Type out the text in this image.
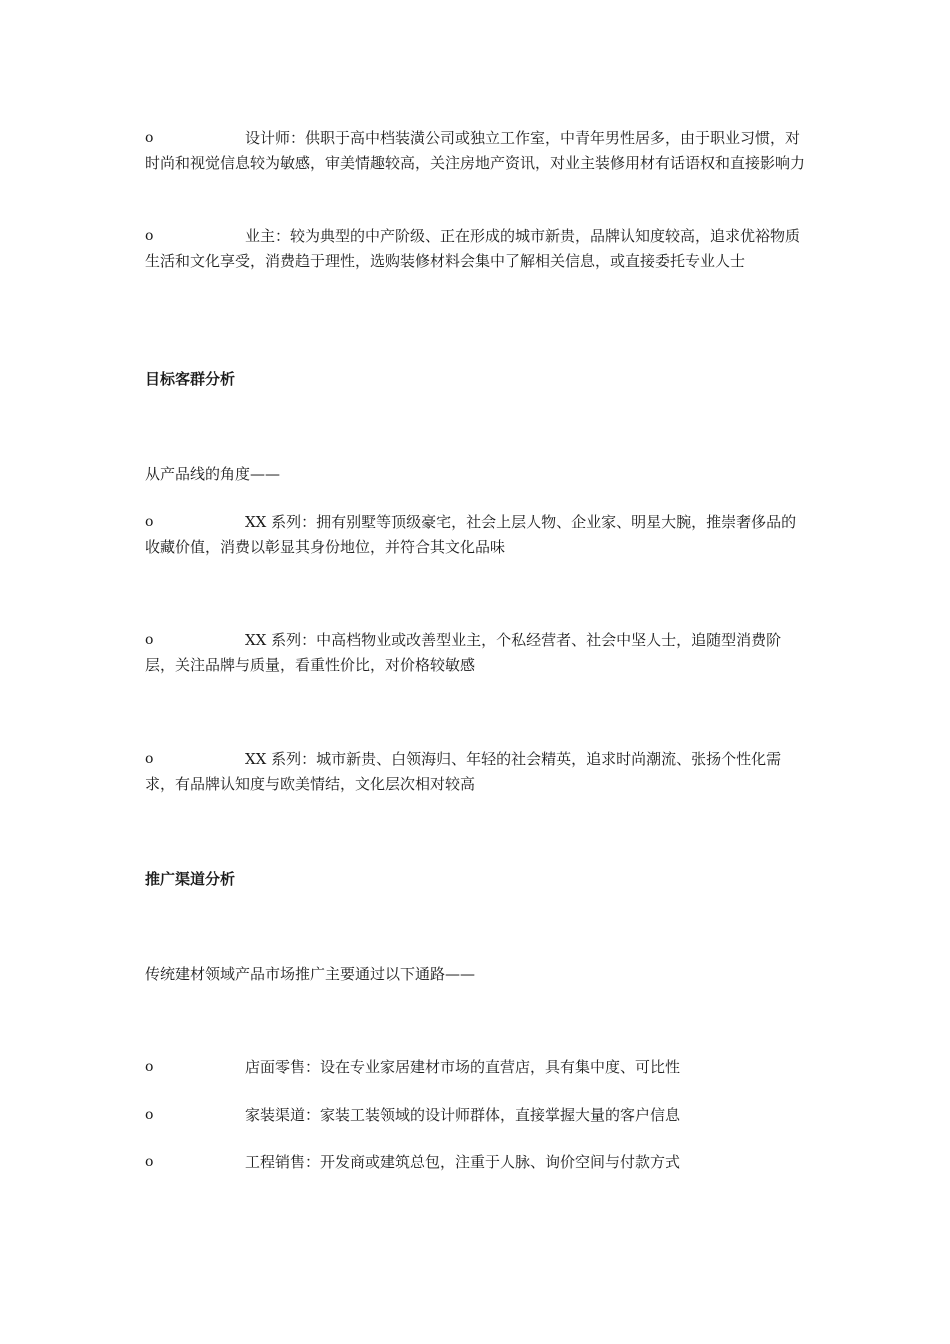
o	设计师：供职于高中档装潢公司或独立工作室，中青年男性居多，由于职业习惯，对时尚和视觉信息较为敏感，审美情趣较高，关注房地产资讯，对业主装修用材有话语权和直接影响力
o	业主：较为典型的中产阶级、正在形成的城市新贵，品牌认知度较高，追求优裕物质生活和文化享受，消费趋于理性，选购装修材料会集中了解相关信息，或直接委托专业人士
目标客群分析
从产品线的角度——
o	XX 系列：拥有别墅等顶级豪宅，社会上层人物、企业家、明星大腕，推崇奢侈品的收藏价值，消费以彰显其身份地位，并符合其文化品味
o	XX 系列：中高档物业或改善型业主，个私经营者、社会中坚人士，追随型消费阶层，关注品牌与质量，看重性价比，对价格较敏感
o	XX 系列：城市新贵、白领海归、年轻的社会精英，追求时尚潮流、张扬个性化需求，有品牌认知度与欧美情结，文化层次相对较高
推广渠道分析
传统建材领域产品市场推广主要通过以下通路——
o	店面零售：设在专业家居建材市场的直营店，具有集中度、可比性
o	家装渠道：家装工装领域的设计师群体，直接掌握大量的客户信息
o	工程销售：开发商或建筑总包，注重于人脉、询价空间与付款方式
